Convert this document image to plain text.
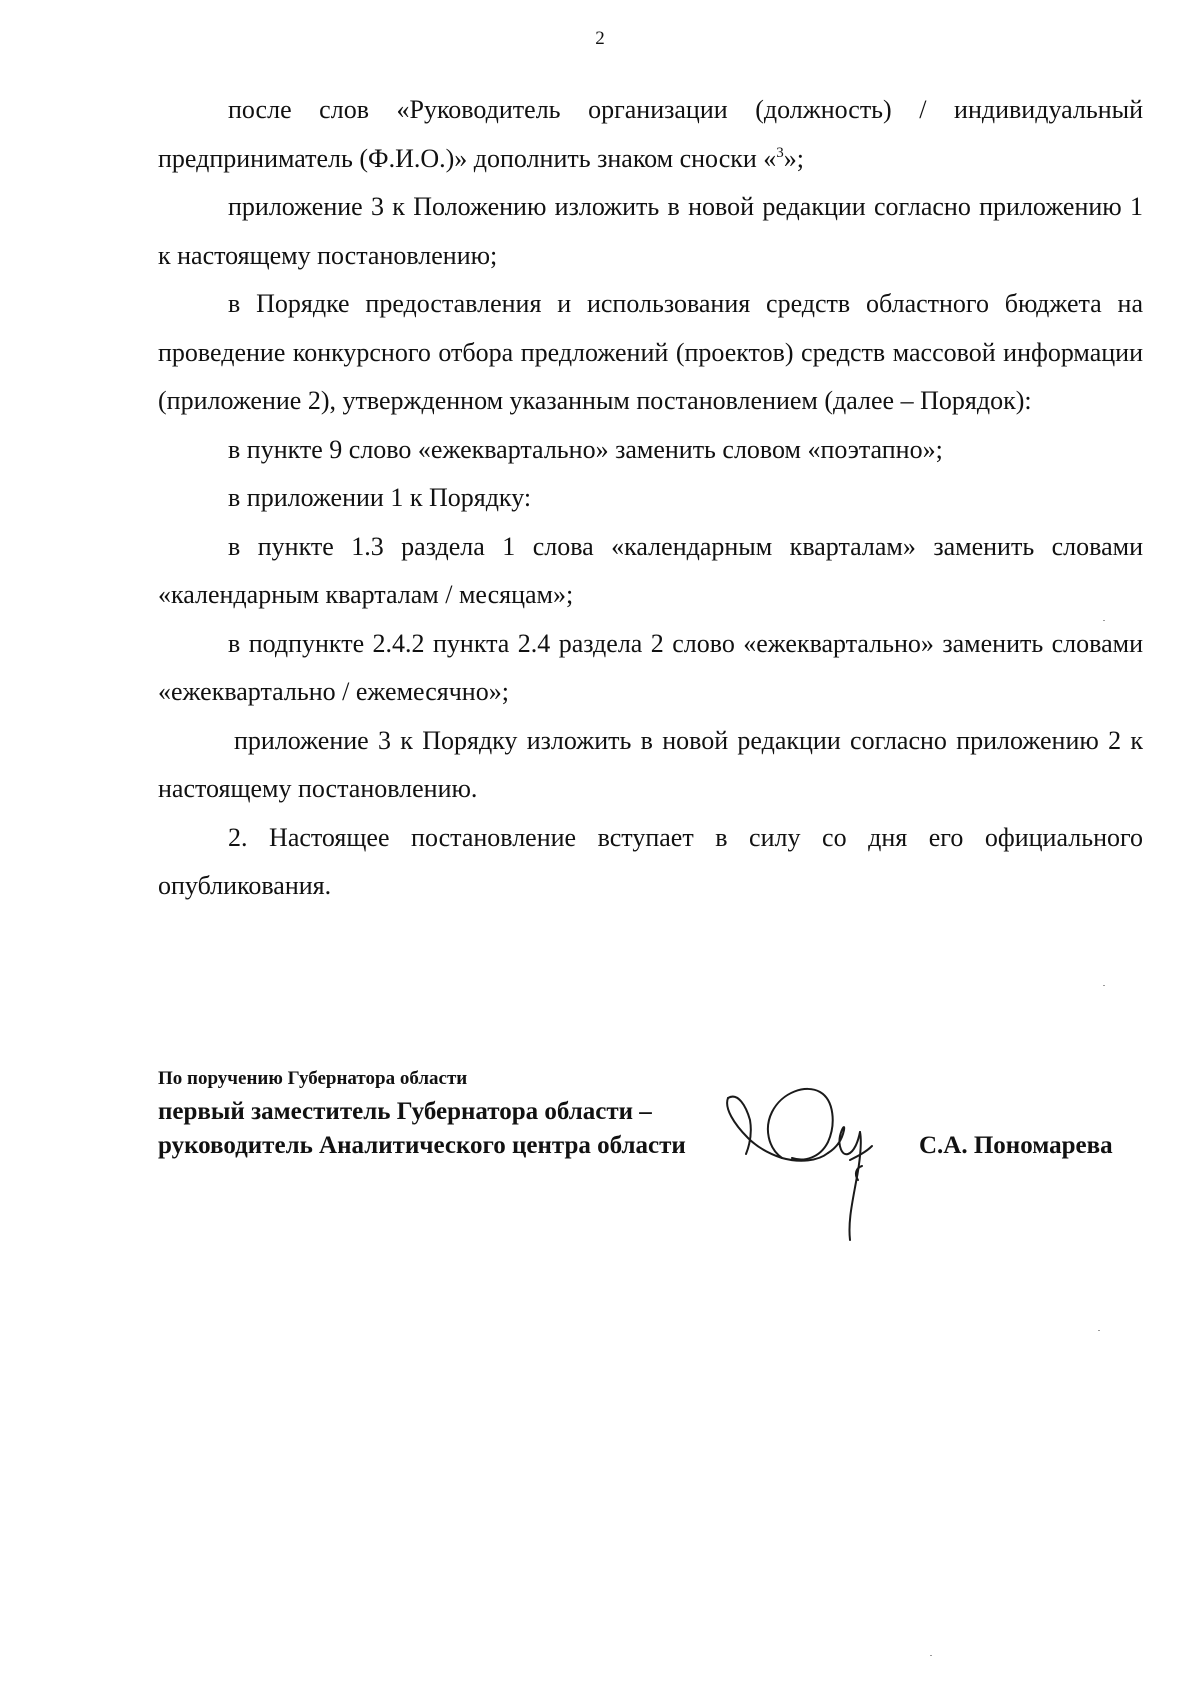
2

после слов «Руководитель организации (должность) / индивидуальный предприниматель (Ф.И.О.)» дополнить знаком сноски «$^3$»;

приложение 3 к Положению изложить в новой редакции согласно приложению 1 к настоящему постановлению;

в Порядке предоставления и использования средств областного бюджета на проведение конкурсного отбора предложений (проектов) средств массовой информации (приложение 2), утвержденном указанным постановлением (далее – Порядок):

в пункте 9 слово «ежеквартально» заменить словом «поэтапно»;

в приложении 1 к Порядку:

в пункте 1.3 раздела 1 слова «календарным кварталам» заменить словами «календарным кварталам / месяцам»;

в подпункте 2.4.2 пункта 2.4 раздела 2 слово «ежеквартально» заменить словами «ежеквартально / ежемесячно»;

приложение 3 к Порядку изложить в новой редакции согласно приложению 2 к настоящему постановлению.

2. Настоящее постановление вступает в силу со дня его официального опубликования.

По поручению Губернатора области
первый заместитель Губернатора области –
руководитель Аналитического центра области	С.А. Пономарева
